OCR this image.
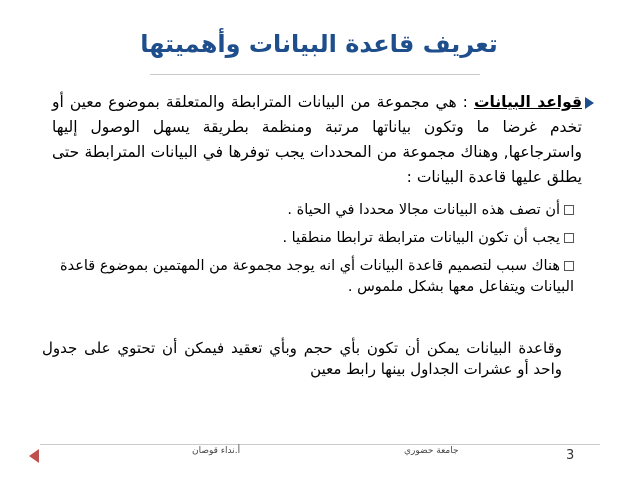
تعريف قاعدة البيانات وأهميتها
قواعد البيانات : هي مجموعة من البيانات المترابطة والمتعلقة بموضوع معين أو تخدم غرضا ما وتكون بياناتها مرتبة ومنظمة بطريقة يسهل الوصول إليها واسترجاعها, وهناك مجموعة من المحددات يجب توفرها في البيانات المترابطة حتى يطلق عليها قاعدة البيانات :
أن تصف هذه البيانات مجالا محددا في الحياة .
يجب أن تكون البيانات مترابطة ترابطا منطقيا .
هناك سبب لتصميم قاعدة البيانات أي انه يوجد مجموعة من المهتمين بموضوع قاعدة البيانات ويتفاعل معها بشكل ملموس .
وقاعدة البيانات يمكن أن تكون بأي حجم وبأي تعقيد فيمكن أن تحتوي على جدول واحد أو عشرات الجداول بينها رابط معين
أ.نداء قوصان	جامعة حضوري	3
